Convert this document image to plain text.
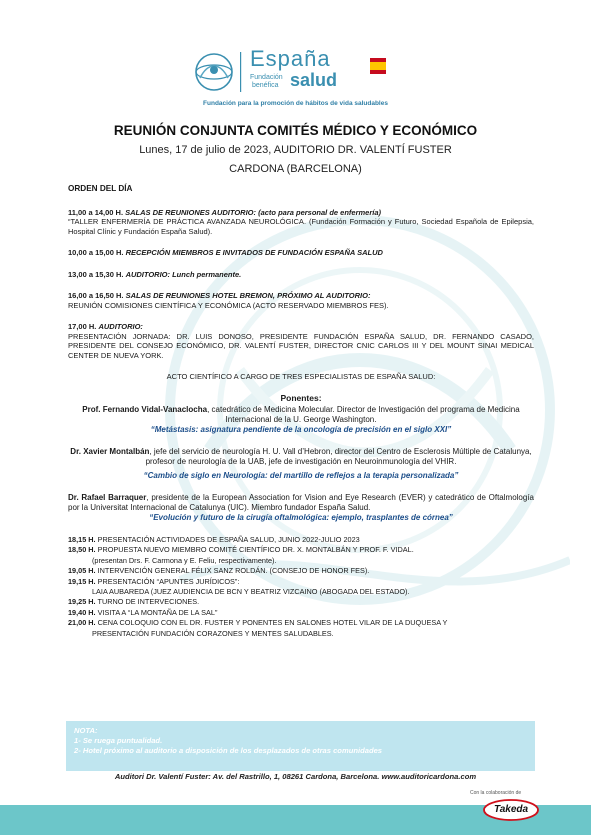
España
Fundación
benéfica salud
Fundación para la promoción de hábitos de vida saludables
REUNIÓN CONJUNTA COMITÉS MÉDICO Y ECONÓMICO
Lunes, 17 de julio de 2023, AUDITORIO DR. VALENTÍ FUSTER
CARDONA (BARCELONA)
ORDEN DEL DÍA
11,00 a 14,00 H. SALAS DE REUNIONES AUDITORIO: (acto para personal de enfermería)
“TALLER ENFERMERÍA DE PRÁCTICA AVANZADA NEUROLÓGICA. (Fundación Formación y Futuro, Sociedad Española de Epilepsia, Hospital Clínic y Fundación España Salud).
10,00 a 15,00 H. RECEPCIÓN MIEMBROS E INVITADOS DE FUNDACIÓN ESPAÑA SALUD
13,00 a 15,30 H. AUDITORIO: Lunch permanente.
16,00 a 16,50 H. SALAS DE REUNIONES HOTEL BREMON, PRÓXIMO AL AUDITORIO:
REUNIÓN COMISIONES CIENTÍFICA Y ECONÓMICA (ACTO RESERVADO MIEMBROS FES).
17,00 H. AUDITORIO:
PRESENTACIÓN JORNADA: DR. LUIS DONOSO, PRESIDENTE FUNDACIÓN ESPAÑA SALUD, DR. FERNANDO CASADO, PRESIDENTE DEL CONSEJO ECONÓMICO, DR. VALENTÍ FUSTER, DIRECTOR CNIC CARLOS III Y DEL MOUNT SINAI MEDICAL CENTER DE NUEVA YORK.
ACTO CIENTÍFICO A CARGO DE TRES ESPECIALISTAS DE ESPAÑA SALUD:
Ponentes:
Prof. Fernando Vidal-Vanaclocha, catedrático de Medicina Molecular. Director de Investigación del programa de Medicina Internacional de la U. George Washington.
“Metástasis: asignatura pendiente de la oncología de precisión en el siglo XXI”
Dr. Xavier Montalbán, jefe del servicio de neurología H. U. Vall d’Hebron, director del Centro de Esclerosis Múltiple de Catalunya, profesor de neurología de la UAB, jefe de investigación en Neuroinmunología del VHIR.
“Cambio de siglo en Neurología: del martillo de reflejos a la terapia personalizada”
Dr. Rafael Barraquer, presidente de la European Association for Vision and Eye Research (EVER) y catedrático de Oftalmología por la Universitat Internacional de Catalunya (UIC). Miembro fundador España Salud.
“Evolución y futuro de la cirugía oftalmológica: ejemplo, trasplantes de córnea”
18,15 H. PRESENTACIÓN ACTIVIDADES DE ESPAÑA SALUD, JUNIO 2022-JULIO 2023
18,50 H. PROPUESTA NUEVO MIEMBRO COMITÉ CIENTÍFICO DR. X. MONTALBÁN Y PROF. F. VIDAL.
(presentan Drs. F. Carmona y E. Feliu, respectivamente).
19,05 H. INTERVENCIÓN GENERAL FÉLIX SANZ ROLDÁN. (CONSEJO DE HONOR FES).
19,15 H. PRESENTACIÓN “APUNTES JURÍDICOS”:
LAIA AUBAREDA (JUEZ AUDIENCIA DE BCN Y BEATRIZ VIZCAINO (ABOGADA DEL ESTADO).
19,25 H. TURNO DE INTERVECIONES.
19,40 H. VISITA A “LA MONTAÑA DE LA SAL”
21,00 H. CENA COLOQUIO CON EL DR. FUSTER Y PONENTES EN SALONES HOTEL VILAR DE LA DUQUESA Y
PRESENTACIÓN FUNDACIÓN CORAZONES Y MENTES SALUDABLES.
NOTA:
1- Se ruega puntualidad.
2- Hotel próximo al auditorio a disposición de los desplazados de otras comunidades
Auditori Dr. Valentí Fuster: Av. del Rastrillo, 1, 08261 Cardona, Barcelona. www.auditoricardona.com
Con la colaboración de
Takeda
